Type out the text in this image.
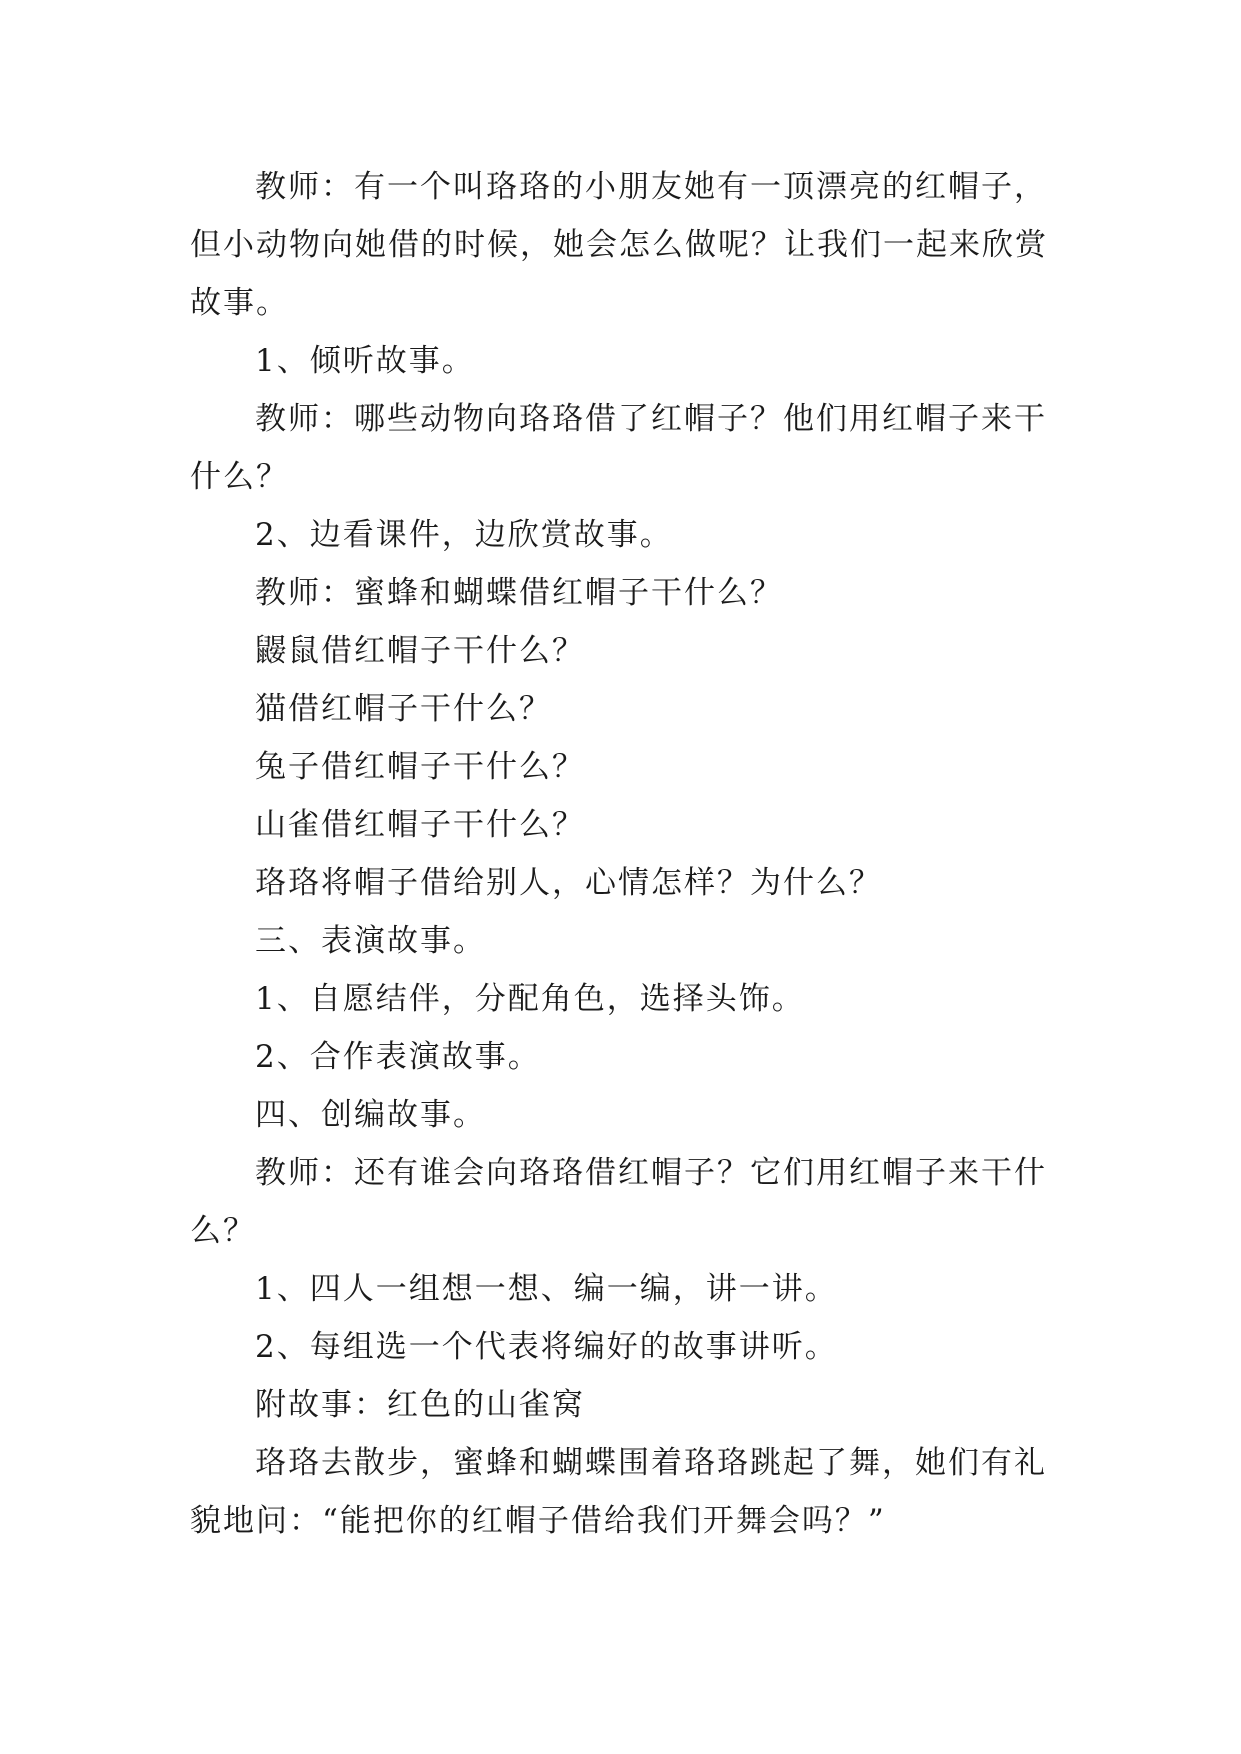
教师：有一个叫珞珞的小朋友她有一顶漂亮的红帽子，但小动物向她借的时候，她会怎么做呢？让我们一起来欣赏故事。

1、倾听故事。

教师：哪些动物向珞珞借了红帽子？他们用红帽子来干什么？

2、边看课件，边欣赏故事。

教师：蜜蜂和蝴蝶借红帽子干什么？

鼹鼠借红帽子干什么？

猫借红帽子干什么？

兔子借红帽子干什么？

山雀借红帽子干什么？

珞珞将帽子借给别人，心情怎样？为什么？

三、表演故事。

1、自愿结伴，分配角色，选择头饰。

2、合作表演故事。

四、创编故事。

教师：还有谁会向珞珞借红帽子？它们用红帽子来干什么？

1、四人一组想一想、编一编，讲一讲。

2、每组选一个代表将编好的故事讲听。

附故事：红色的山雀窝

珞珞去散步，蜜蜂和蝴蝶围着珞珞跳起了舞，她们有礼貌地问：“能把你的红帽子借给我们开舞会吗？”
